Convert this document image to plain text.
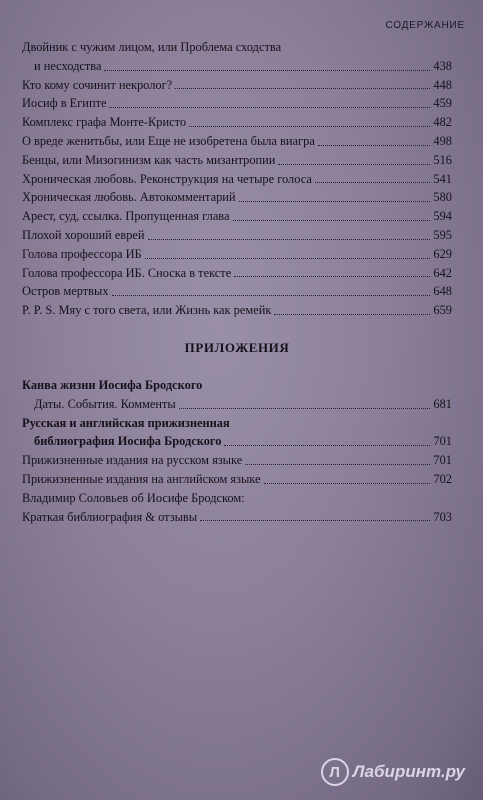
СОДЕРЖАНИЕ
Двойник с чужим лицом, или Проблема сходства
и несходства	438
Кто кому сочинит некролог?	448
Иосиф в Египте	459
Комплекс графа Монте-Кристо	482
О вреде женитьбы, или Еще не изобретена была виагра	498
Бенцы, или Мизогинизм как часть мизантропии	516
Хроническая любовь. Реконструкция на четыре голоса	541
Хроническая любовь. Автокомментарий	580
Арест, суд, ссылка. Пропущенная глава	594
Плохой хороший еврей	595
Голова профессора ИБ	629
Голова профессора ИБ. Сноска в тексте	642
Остров мертвых	648
P. P. S. Мяу с того света, или Жизнь как ремейк	659
ПРИЛОЖЕНИЯ
Канва жизни Иосифа Бродского
Даты. События. Комменты	681
Русская и английская прижизненная
библиография Иосифа Бродского	701
Прижизненные издания на русском языке	701
Прижизненные издания на английском языке	702
Владимир Соловьев об Иосифе Бродском:
Краткая библиография & отзывы	703
Л Лабиринт.ру
